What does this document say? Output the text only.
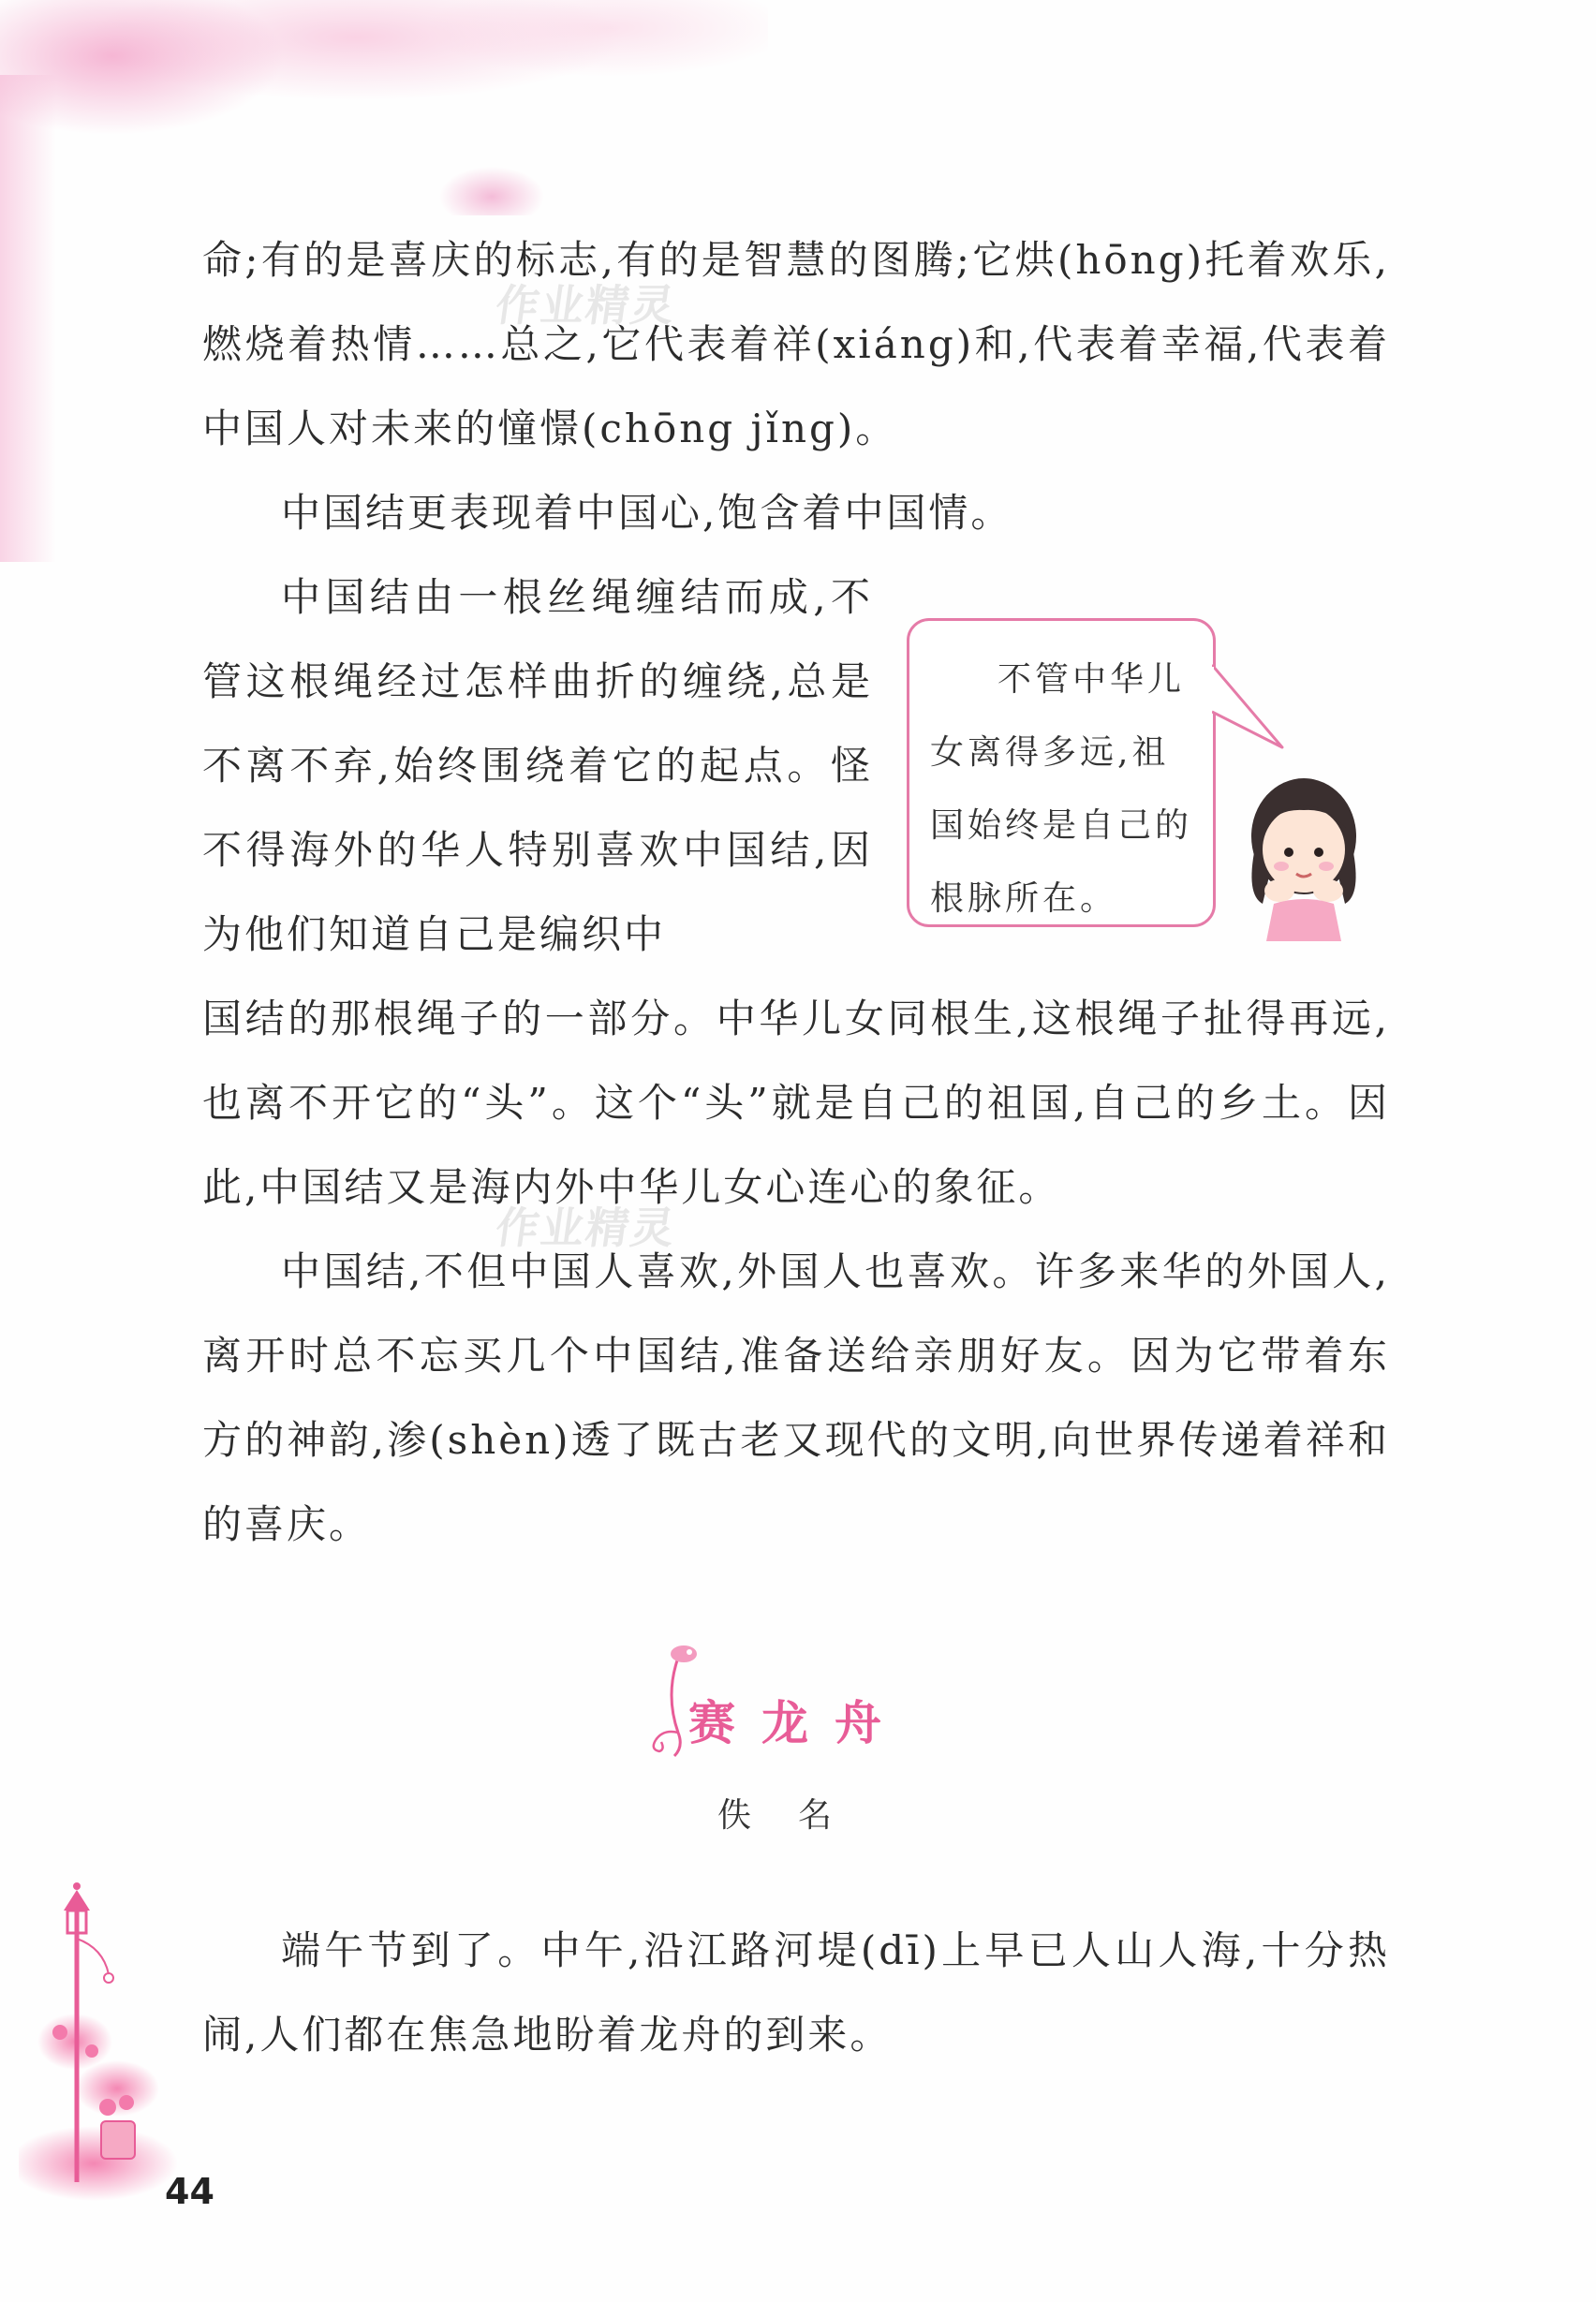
命;有的是喜庆的标志,有的是智慧的图腾;它烘(hōng)托着欢乐,燃烧着热情……总之,它代表着祥(xiáng)和,代表着幸福,代表着中国人对未来的憧憬(chōng jǐng)。

中国结更表现着中国心,饱含着中国情。

中国结由一根丝绳缠结而成,不管这根绳经过怎样曲折的缠绕,总是不离不弃,始终围绕着它的起点。怪不得海外的华人特别喜欢中国结,因为他们知道自己是编织中

国结的那根绳子的一部分。中华儿女同根生,这根绳子扯得再远,也离不开它的“头”。这个“头”就是自己的祖国,自己的乡土。因此,中国结又是海内外中华儿女心连心的象征。

中国结,不但中国人喜欢,外国人也喜欢。许多来华的外国人,离开时总不忘买几个中国结,准备送给亲朋好友。因为它带着东方的神韵,渗(shèn)透了既古老又现代的文明,向世界传递着祥和的喜庆。

不管中华儿女离得多远,祖国始终是自己的根脉所在。

赛龙舟
佚名

端午节到了。中午,沿江路河堤(dī)上早已人山人海,十分热闹,人们都在焦急地盼着龙舟的到来。

作业精灵
作业精灵
44
